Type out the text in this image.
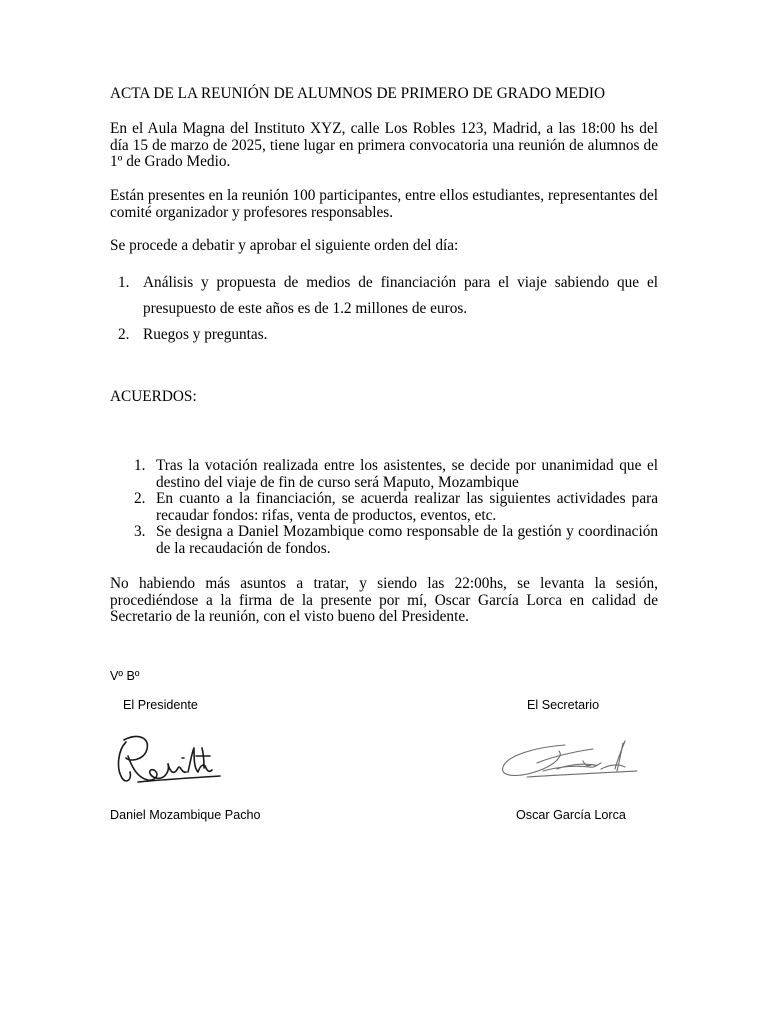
ACTA DE LA REUNIÓN DE ALUMNOS DE PRIMERO DE GRADO MEDIO
En el Aula Magna del Instituto XYZ, calle Los Robles 123, Madrid, a las 18:00 hs del día 15 de marzo de 2025, tiene lugar en primera convocatoria una reunión de alumnos de 1º de Grado Medio.
Están presentes en la reunión 100 participantes, entre ellos estudiantes, representantes del comité organizador y profesores responsables.
Se procede a debatir y aprobar el siguiente orden del día:
1. Análisis y propuesta de medios de financiación para el viaje sabiendo que el presupuesto de este años es de 1.2 millones de euros.
2. Ruegos y preguntas.
ACUERDOS:
1. Tras la votación realizada entre los asistentes, se decide por unanimidad que el destino del viaje de fin de curso será Maputo, Mozambique
2. En cuanto a la financiación, se acuerda realizar las siguientes actividades para recaudar fondos: rifas, venta de productos, eventos, etc.
3. Se designa a Daniel Mozambique como responsable de la gestión y coordinación de la recaudación de fondos.
No habiendo más asuntos a tratar, y siendo las 22:00hs, se levanta la sesión, procediéndose a la firma de la presente por mí, Oscar García Lorca en calidad de Secretario de la reunión, con el visto bueno del Presidente.
Vº Bº
El Presidente	El Secretario
Daniel Mozambique Pacho	Oscar García Lorca
